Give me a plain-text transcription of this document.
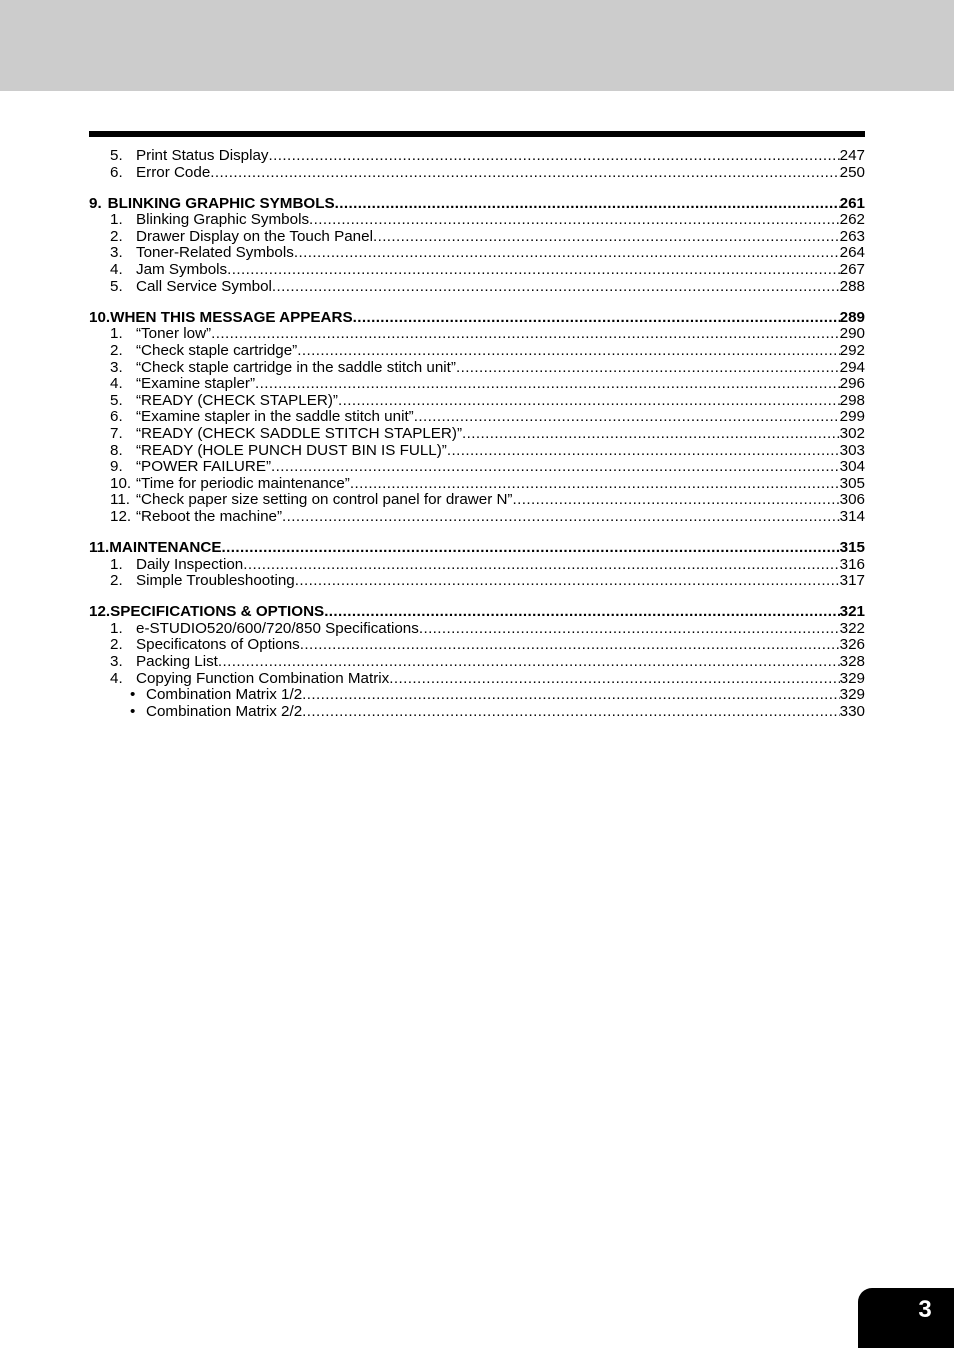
5. Print Status Display .....	247
6. Error Code .....	250
9. BLINKING GRAPHIC SYMBOLS .....	261
1. Blinking Graphic Symbols .....	262
2. Drawer Display on the Touch Panel .....	263
3. Toner-Related Symbols .....	264
4. Jam Symbols .....	267
5. Call Service Symbol .....	288
10. WHEN THIS MESSAGE APPEARS .....	289
1. “Toner low” .....	290
2. “Check staple cartridge” .....	292
3. “Check staple cartridge in the saddle stitch unit” .....	294
4. “Examine stapler” .....	296
5. “READY (CHECK STAPLER)” .....	298
6. “Examine stapler in the saddle stitch unit” .....	299
7. “READY (CHECK SADDLE STITCH STAPLER)” .....	302
8. “READY (HOLE PUNCH DUST BIN IS FULL)” .....	303
9. “POWER FAILURE” .....	304
10. “Time for periodic maintenance” .....	305
11. “Check paper size setting on control panel for drawer N” .....	306
12. “Reboot the machine” .....	314
11. MAINTENANCE .....	315
1. Daily Inspection .....	316
2. Simple Troubleshooting .....	317
12. SPECIFICATIONS & OPTIONS .....	321
1. e-STUDIO520/600/720/850 Specifications .....	322
2. Specificatons of Options .....	326
3. Packing List .....	328
4. Copying Function Combination Matrix .....	329
• Combination Matrix 1/2 .....	329
• Combination Matrix 2/2 .....	330
3
